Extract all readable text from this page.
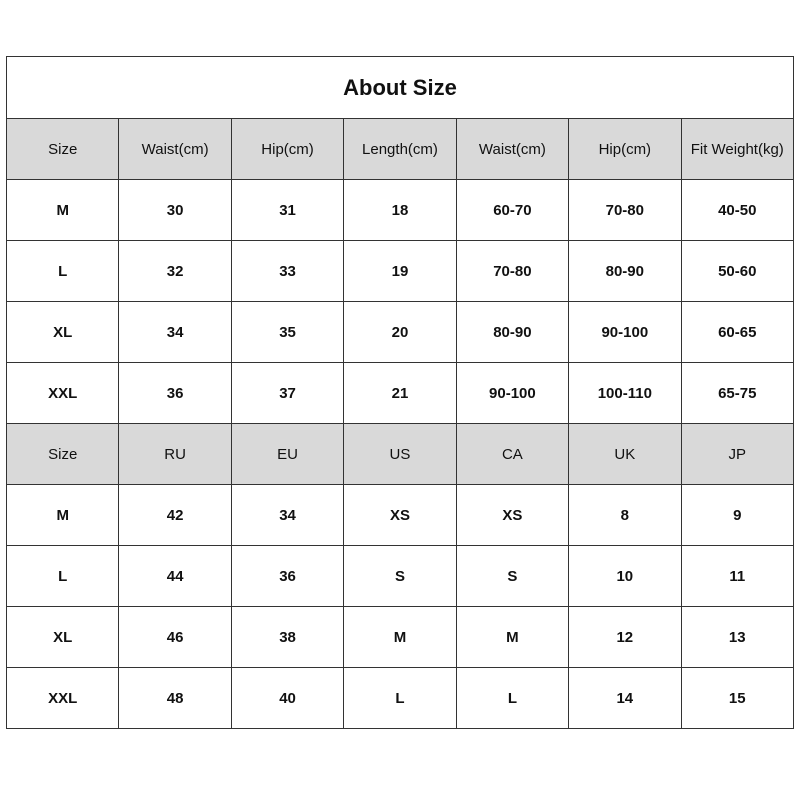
About Size						
Size	Waist(cm)	Hip(cm)	Length(cm)	Waist(cm)	Hip(cm)	Fit Weight(kg)
M	30	31	18	60-70	70-80	40-50
L	32	33	19	70-80	80-90	50-60
XL	34	35	20	80-90	90-100	60-65
XXL	36	37	21	90-100	100-110	65-75
Size	RU	EU	US	CA	UK	JP
M	42	34	XS	XS	8	9
L	44	36	S	S	10	11
XL	46	38	M	M	12	13
XXL	48	40	L	L	14	15
